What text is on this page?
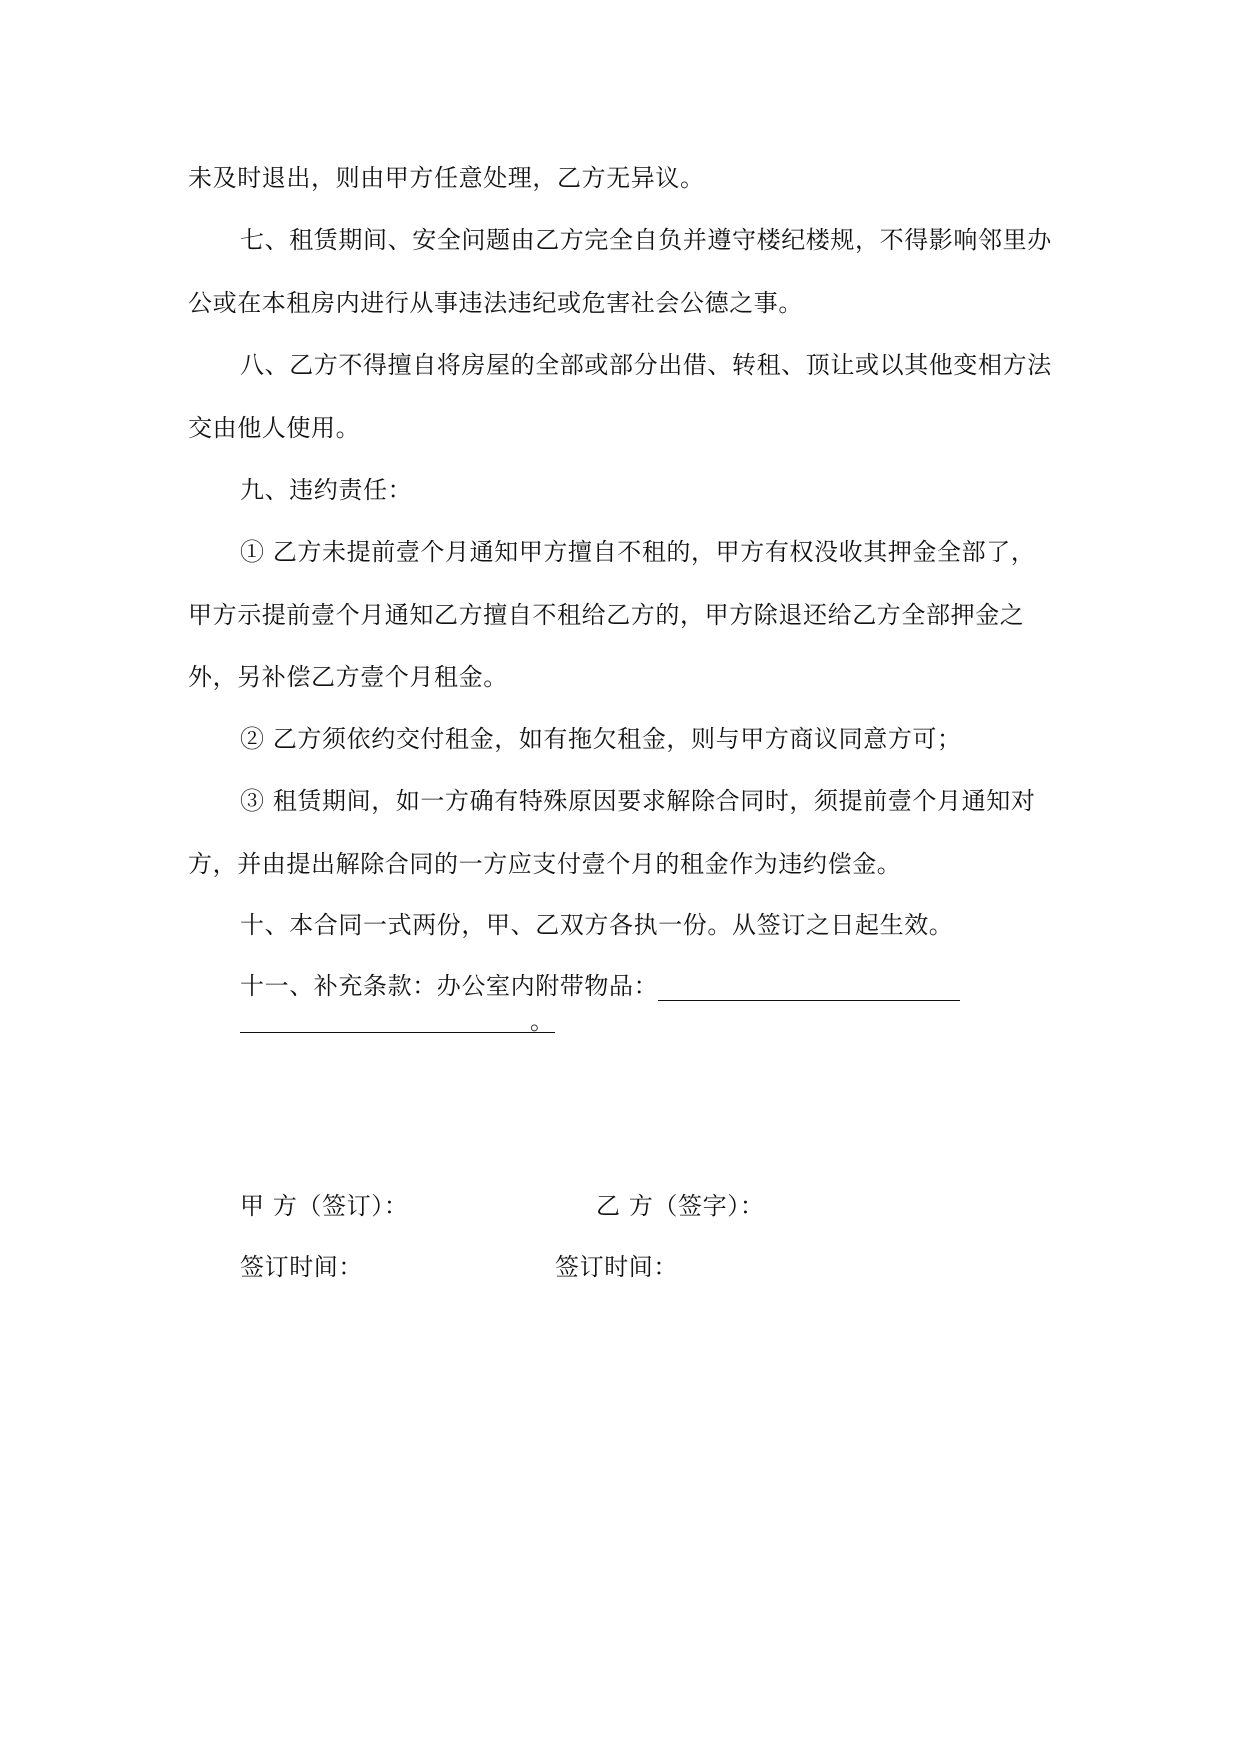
未及时退出，则由甲方任意处理，乙方无异议。
七、租赁期间、安全问题由乙方完全自负并遵守楼纪楼规，不得影响邻里办
公或在本租房内进行从事违法违纪或危害社会公德之事。
八、乙方不得擅自将房屋的全部或部分出借、转租、顶让或以其他变相方法
交由他人使用。
九、违约责任：
① 乙方未提前壹个月通知甲方擅自不租的，甲方有权没收其押金全部了，
甲方示提前壹个月通知乙方擅自不租给乙方的，甲方除退还给乙方全部押金之
外，另补偿乙方壹个月租金。
② 乙方须依约交付租金，如有拖欠租金，则与甲方商议同意方可；
③ 租赁期间，如一方确有特殊原因要求解除合同时，须提前壹个月通知对
方，并由提出解除合同的一方应支付壹个月的租金作为违约偿金。
十、本合同一式两份，甲、乙双方各执一份。从签订之日起生效。
十一、补充条款：办公室内附带物品：
。
甲 方（签订）：	乙 方（签字）：
签订时间：	签订时间：
